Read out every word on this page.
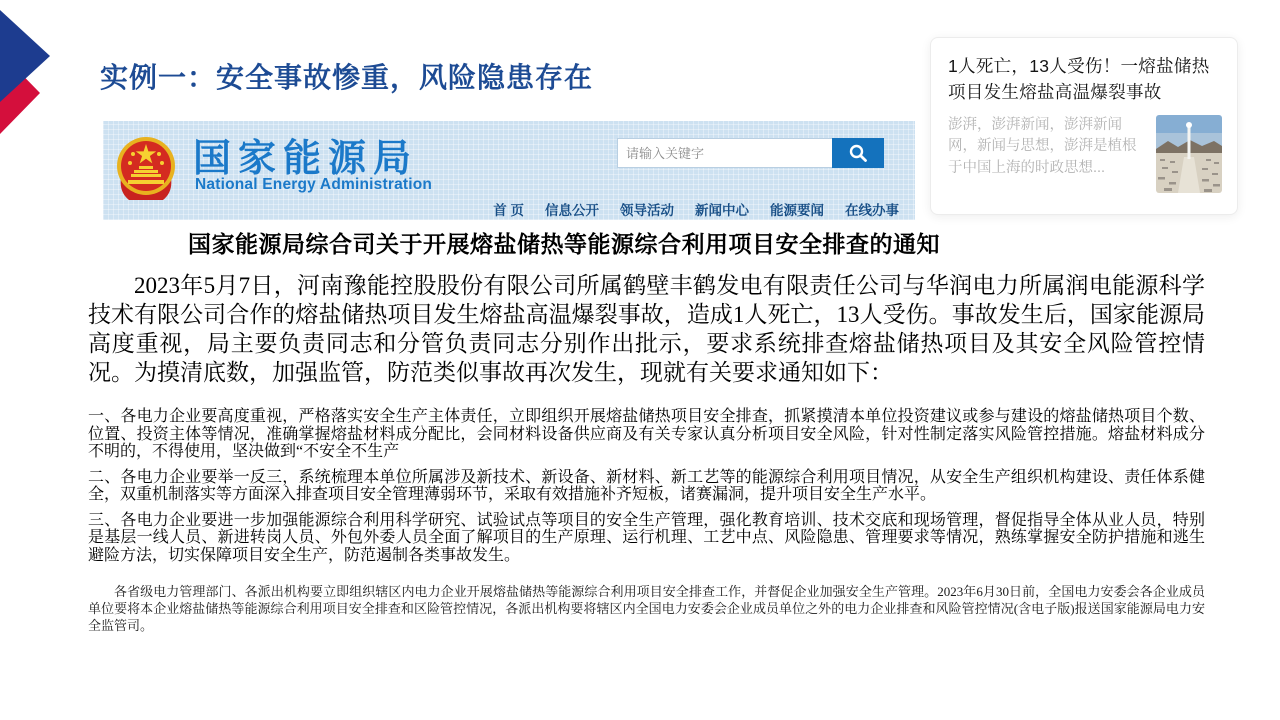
实例一：安全事故惨重，风险隐患存在
国家能源局
National Energy Administration
请输入关键字
首 页 信息公开 领导活动 新闻中心 能源要闻 在线办事
1人死亡，13人受伤！一熔盐储热项目发生熔盐高温爆裂事故
澎湃，澎湃新闻，澎湃新闻网，新闻与思想，澎湃是植根于中国上海的时政思想...
国家能源局综合司关于开展熔盐储热等能源综合利用项目安全排查的通知
2023年5月7日，河南豫能控股股份有限公司所属鹤壁丰鹤发电有限责任公司与华润电力所属润电能源科学技术有限公司合作的熔盐储热项目发生熔盐高温爆裂事故，造成1人死亡，13人受伤。事故发生后，国家能源局高度重视，局主要负责同志和分管负责同志分别作出批示，要求系统排查熔盐储热项目及其安全风险管控情况。为摸清底数，加强监管，防范类似事故再次发生，现就有关要求通知如下：
一、各电力企业要高度重视，严格落实安全生产主体责任，立即组织开展熔盐储热项目安全排查，抓紧摸清本单位投资建议或参与建设的熔盐储热项目个数、位置、投资主体等情况，准确掌握熔盐材料成分配比，会同材料设备供应商及有关专家认真分析项目安全风险，针对性制定落实风险管控措施。熔盐材料成分不明的，不得使用，坚决做到“不安全不生产
二、各电力企业要举一反三，系统梳理本单位所属涉及新技术、新设备、新材料、新工艺等的能源综合利用项目情况，从安全生产组织机构建设、责任体系健全，双重机制落实等方面深入排查项目安全管理薄弱环节，采取有效措施补齐短板，诸赛漏洞，提升项目安全生产水平。
三、各电力企业要进一步加强能源综合利用科学研究、试验试点等项目的安全生产管理，强化教育培训、技术交底和现场管理，督促指导全体从业人员，特别是基层一线人员、新进转岗人员、外包外委人员全面了解项目的生产原理、运行机理、工艺中点、风险隐患、管理要求等情况，熟练掌握安全防护措施和逃生避险方法，切实保障项目安全生产，防范遏制各类事故发生。
各省级电力管理部门、各派出机构要立即组织辖区内电力企业开展熔盐储热等能源综合利用项目安全排查工作，并督促企业加强安全生产管理。2023年6月30日前，全国电力安委会各企业成员单位要将本企业熔盐储热等能源综合利用项目安全排查和区险管控情况，各派出机构要将辖区内全国电力安委会企业成员单位之外的电力企业排查和风险管控情况(含电子版)报送国家能源局电力安全监管司。
